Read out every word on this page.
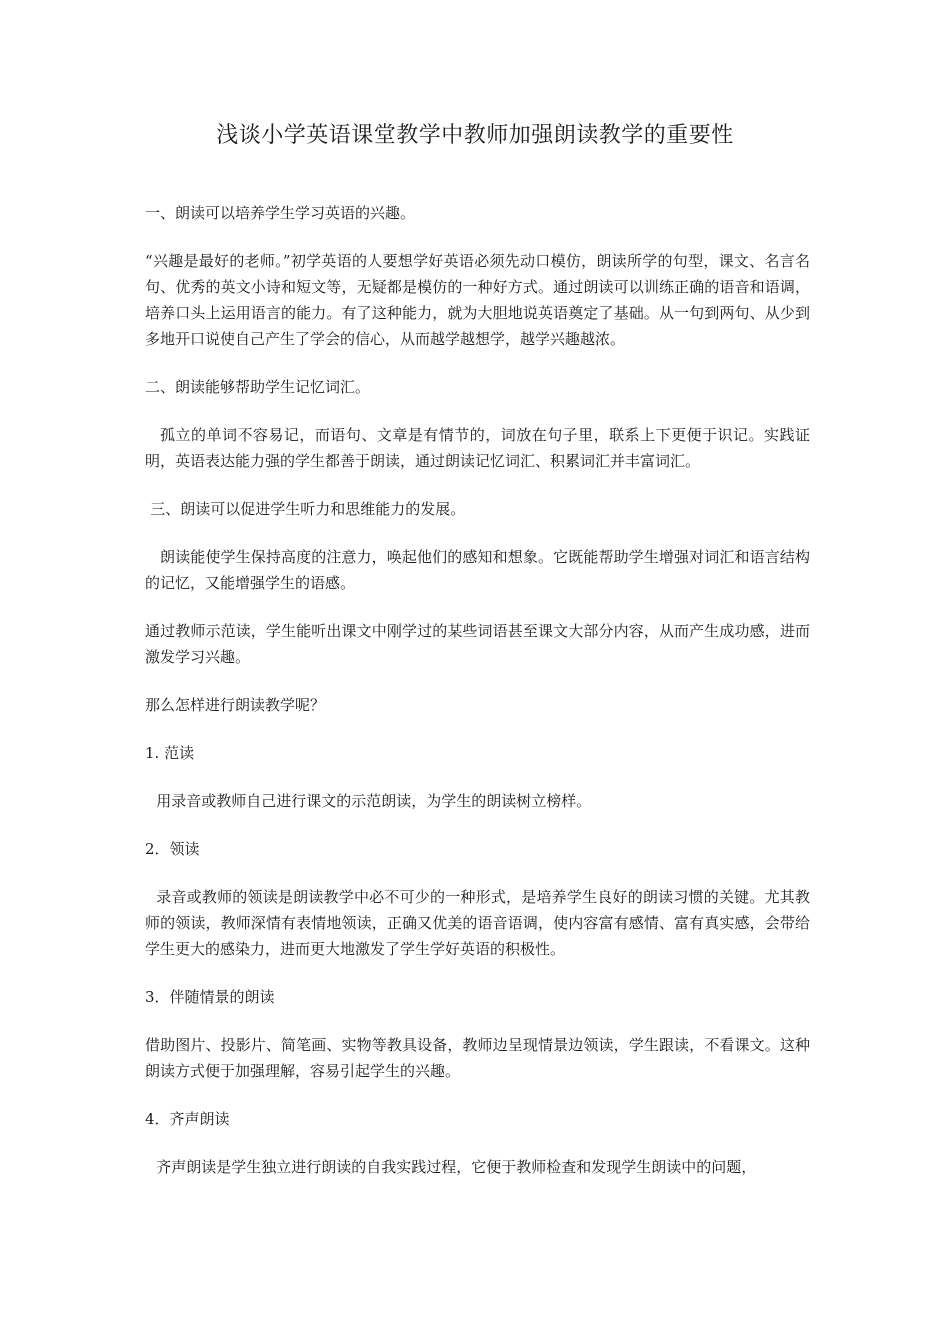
浅谈小学英语课堂教学中教师加强朗读教学的重要性

一、朗读可以培养学生学习英语的兴趣。

“兴趣是最好的老师。”初学英语的人要想学好英语必须先动口模仿，朗读所学的句型，课文、名言名句、优秀的英文小诗和短文等，无疑都是模仿的一种好方式。通过朗读可以训练正确的语音和语调，培养口头上运用语言的能力。有了这种能力，就为大胆地说英语奠定了基础。从一句到两句、从少到多地开口说使自己产生了学会的信心，从而越学越想学，越学兴趣越浓。

二、朗读能够帮助学生记忆词汇。

孤立的单词不容易记，而语句、文章是有情节的，词放在句子里，联系上下更便于识记。实践证明，英语表达能力强的学生都善于朗读，通过朗读记忆词汇、积累词汇并丰富词汇。

三、朗读可以促进学生听力和思维能力的发展。

朗读能使学生保持高度的注意力，唤起他们的感知和想象。它既能帮助学生增强对词汇和语言结构的记忆，又能增强学生的语感。

通过教师示范读，学生能听出课文中刚学过的某些词语甚至课文大部分内容，从而产生成功感，进而激发学习兴趣。

那么怎样进行朗读教学呢？

1. 范读

用录音或教师自己进行课文的示范朗读，为学生的朗读树立榜样。

2．领读

录音或教师的领读是朗读教学中必不可少的一种形式，是培养学生良好的朗读习惯的关键。尤其教师的领读，教师深情有表情地领读，正确又优美的语音语调，使内容富有感情、富有真实感，会带给学生更大的感染力，进而更大地激发了学生学好英语的积极性。

3．伴随情景的朗读

借助图片、投影片、简笔画、实物等教具设备，教师边呈现情景边领读，学生跟读，不看课文。这种朗读方式便于加强理解，容易引起学生的兴趣。

4．齐声朗读

齐声朗读是学生独立进行朗读的自我实践过程，它便于教师检查和发现学生朗读中的问题，
